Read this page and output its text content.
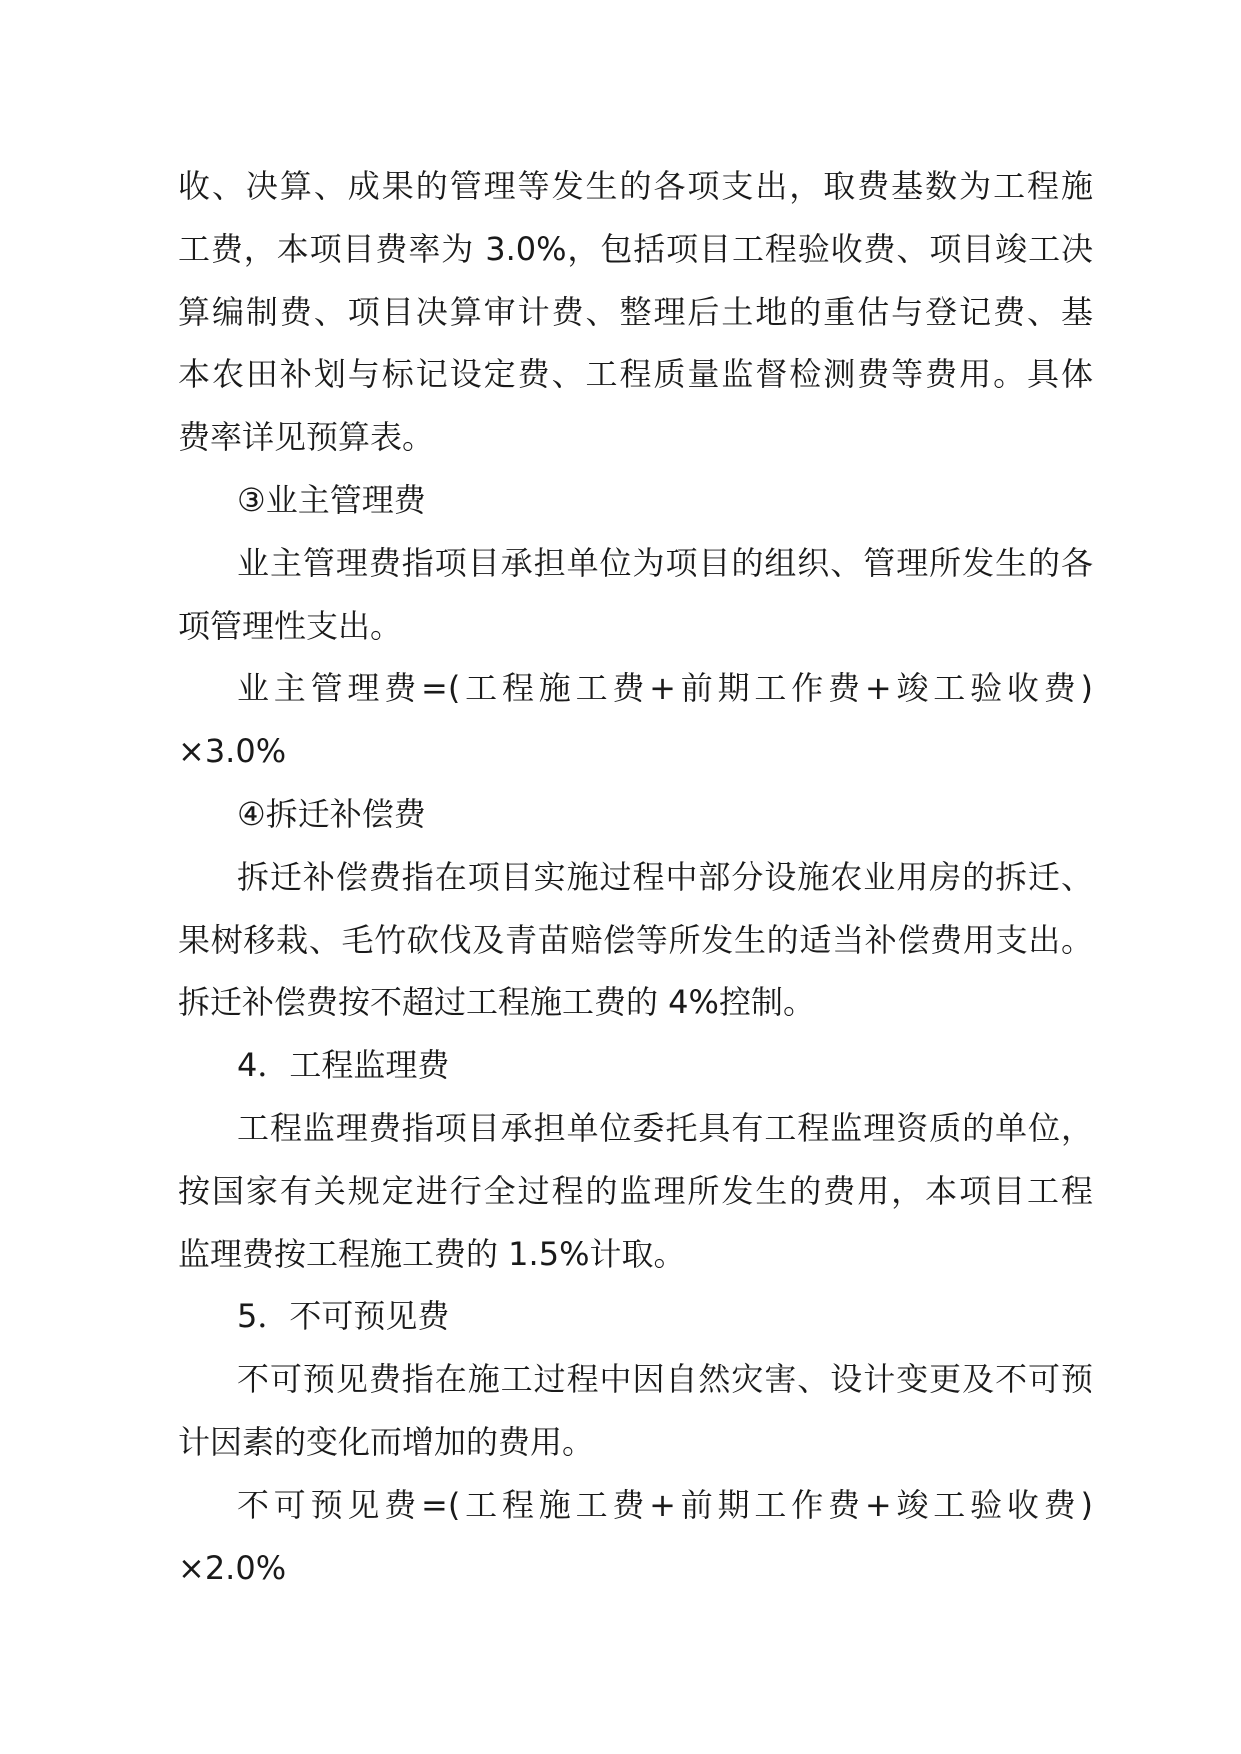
收、决算、成果的管理等发生的各项支出，取费基数为工程施
工费，本项目费率为 3.0%，包括项目工程验收费、项目竣工决
算编制费、项目决算审计费、整理后土地的重估与登记费、基
本农田补划与标记设定费、工程质量监督检测费等费用。具体
费率详见预算表。
③业主管理费
业主管理费指项目承担单位为项目的组织、管理所发生的各
项管理性支出。
业主管理费=(工程施工费+前期工作费+竣工验收费)
×3.0%
④拆迁补偿费
拆迁补偿费指在项目实施过程中部分设施农业用房的拆迁、
果树移栽、毛竹砍伐及青苗赔偿等所发生的适当补偿费用支出。
拆迁补偿费按不超过工程施工费的 4%控制。
4．工程监理费
工程监理费指项目承担单位委托具有工程监理资质的单位，
按国家有关规定进行全过程的监理所发生的费用，本项目工程
监理费按工程施工费的 1.5%计取。
5．不可预见费
不可预见费指在施工过程中因自然灾害、设计变更及不可预
计因素的变化而增加的费用。
不可预见费=(工程施工费+前期工作费+竣工验收费)
×2.0%
